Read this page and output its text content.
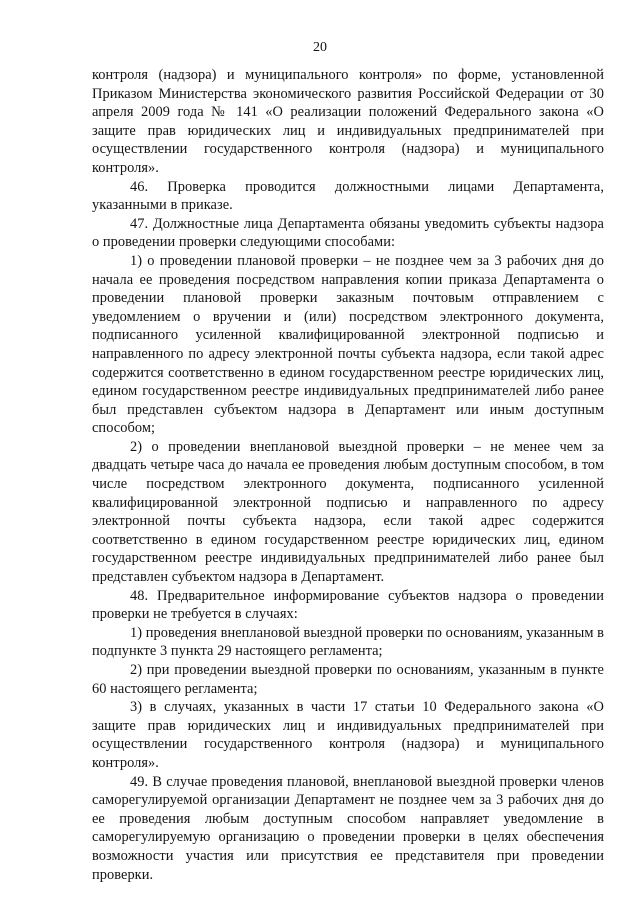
20

контроля (надзора) и муниципального контроля» по форме, установленной Приказом Министерства экономического развития Российской Федерации от 30 апреля 2009 года № 141 «О реализации положений Федерального закона «О защите прав юридических лиц и индивидуальных предпринимателей при осуществлении государственного контроля (надзора) и муниципального контроля».

46. Проверка проводится должностными лицами Департамента, указанными в приказе.

47. Должностные лица Департамента обязаны уведомить субъекты надзора о проведении проверки следующими способами:

1) о проведении плановой проверки – не позднее чем за 3 рабочих дня до начала ее проведения посредством направления копии приказа Департамента о проведении плановой проверки заказным почтовым отправлением с уведомлением о вручении и (или) посредством электронного документа, подписанного усиленной квалифицированной электронной подписью и направленного по адресу электронной почты субъекта надзора, если такой адрес содержится соответственно в едином государственном реестре юридических лиц, едином государственном реестре индивидуальных предпринимателей либо ранее был представлен субъектом надзора в Департамент или иным доступным способом;

2) о проведении внеплановой выездной проверки – не менее чем за двадцать четыре часа до начала ее проведения любым доступным способом, в том числе посредством электронного документа, подписанного усиленной квалифицированной электронной подписью и направленного по адресу электронной почты субъекта надзора, если такой адрес содержится соответственно в едином государственном реестре юридических лиц, едином государственном реестре индивидуальных предпринимателей либо ранее был представлен субъектом надзора в Департамент.

48. Предварительное информирование субъектов надзора о проведении проверки не требуется в случаях:

1) проведения внеплановой выездной проверки по основаниям, указанным в подпункте 3 пункта 29 настоящего регламента;

2) при проведении выездной проверки по основаниям, указанным в пункте 60 настоящего регламента;

3) в случаях, указанных в части 17 статьи 10 Федерального закона «О защите прав юридических лиц и индивидуальных предпринимателей при осуществлении государственного контроля (надзора) и муниципального контроля».

49. В случае проведения плановой, внеплановой выездной проверки членов саморегулируемой организации Департамент не позднее чем за 3 рабочих дня до ее проведения любым доступным способом направляет уведомление в саморегулируемую организацию о проведении проверки в целях обеспечения возможности участия или присутствия ее представителя при проведении проверки.
